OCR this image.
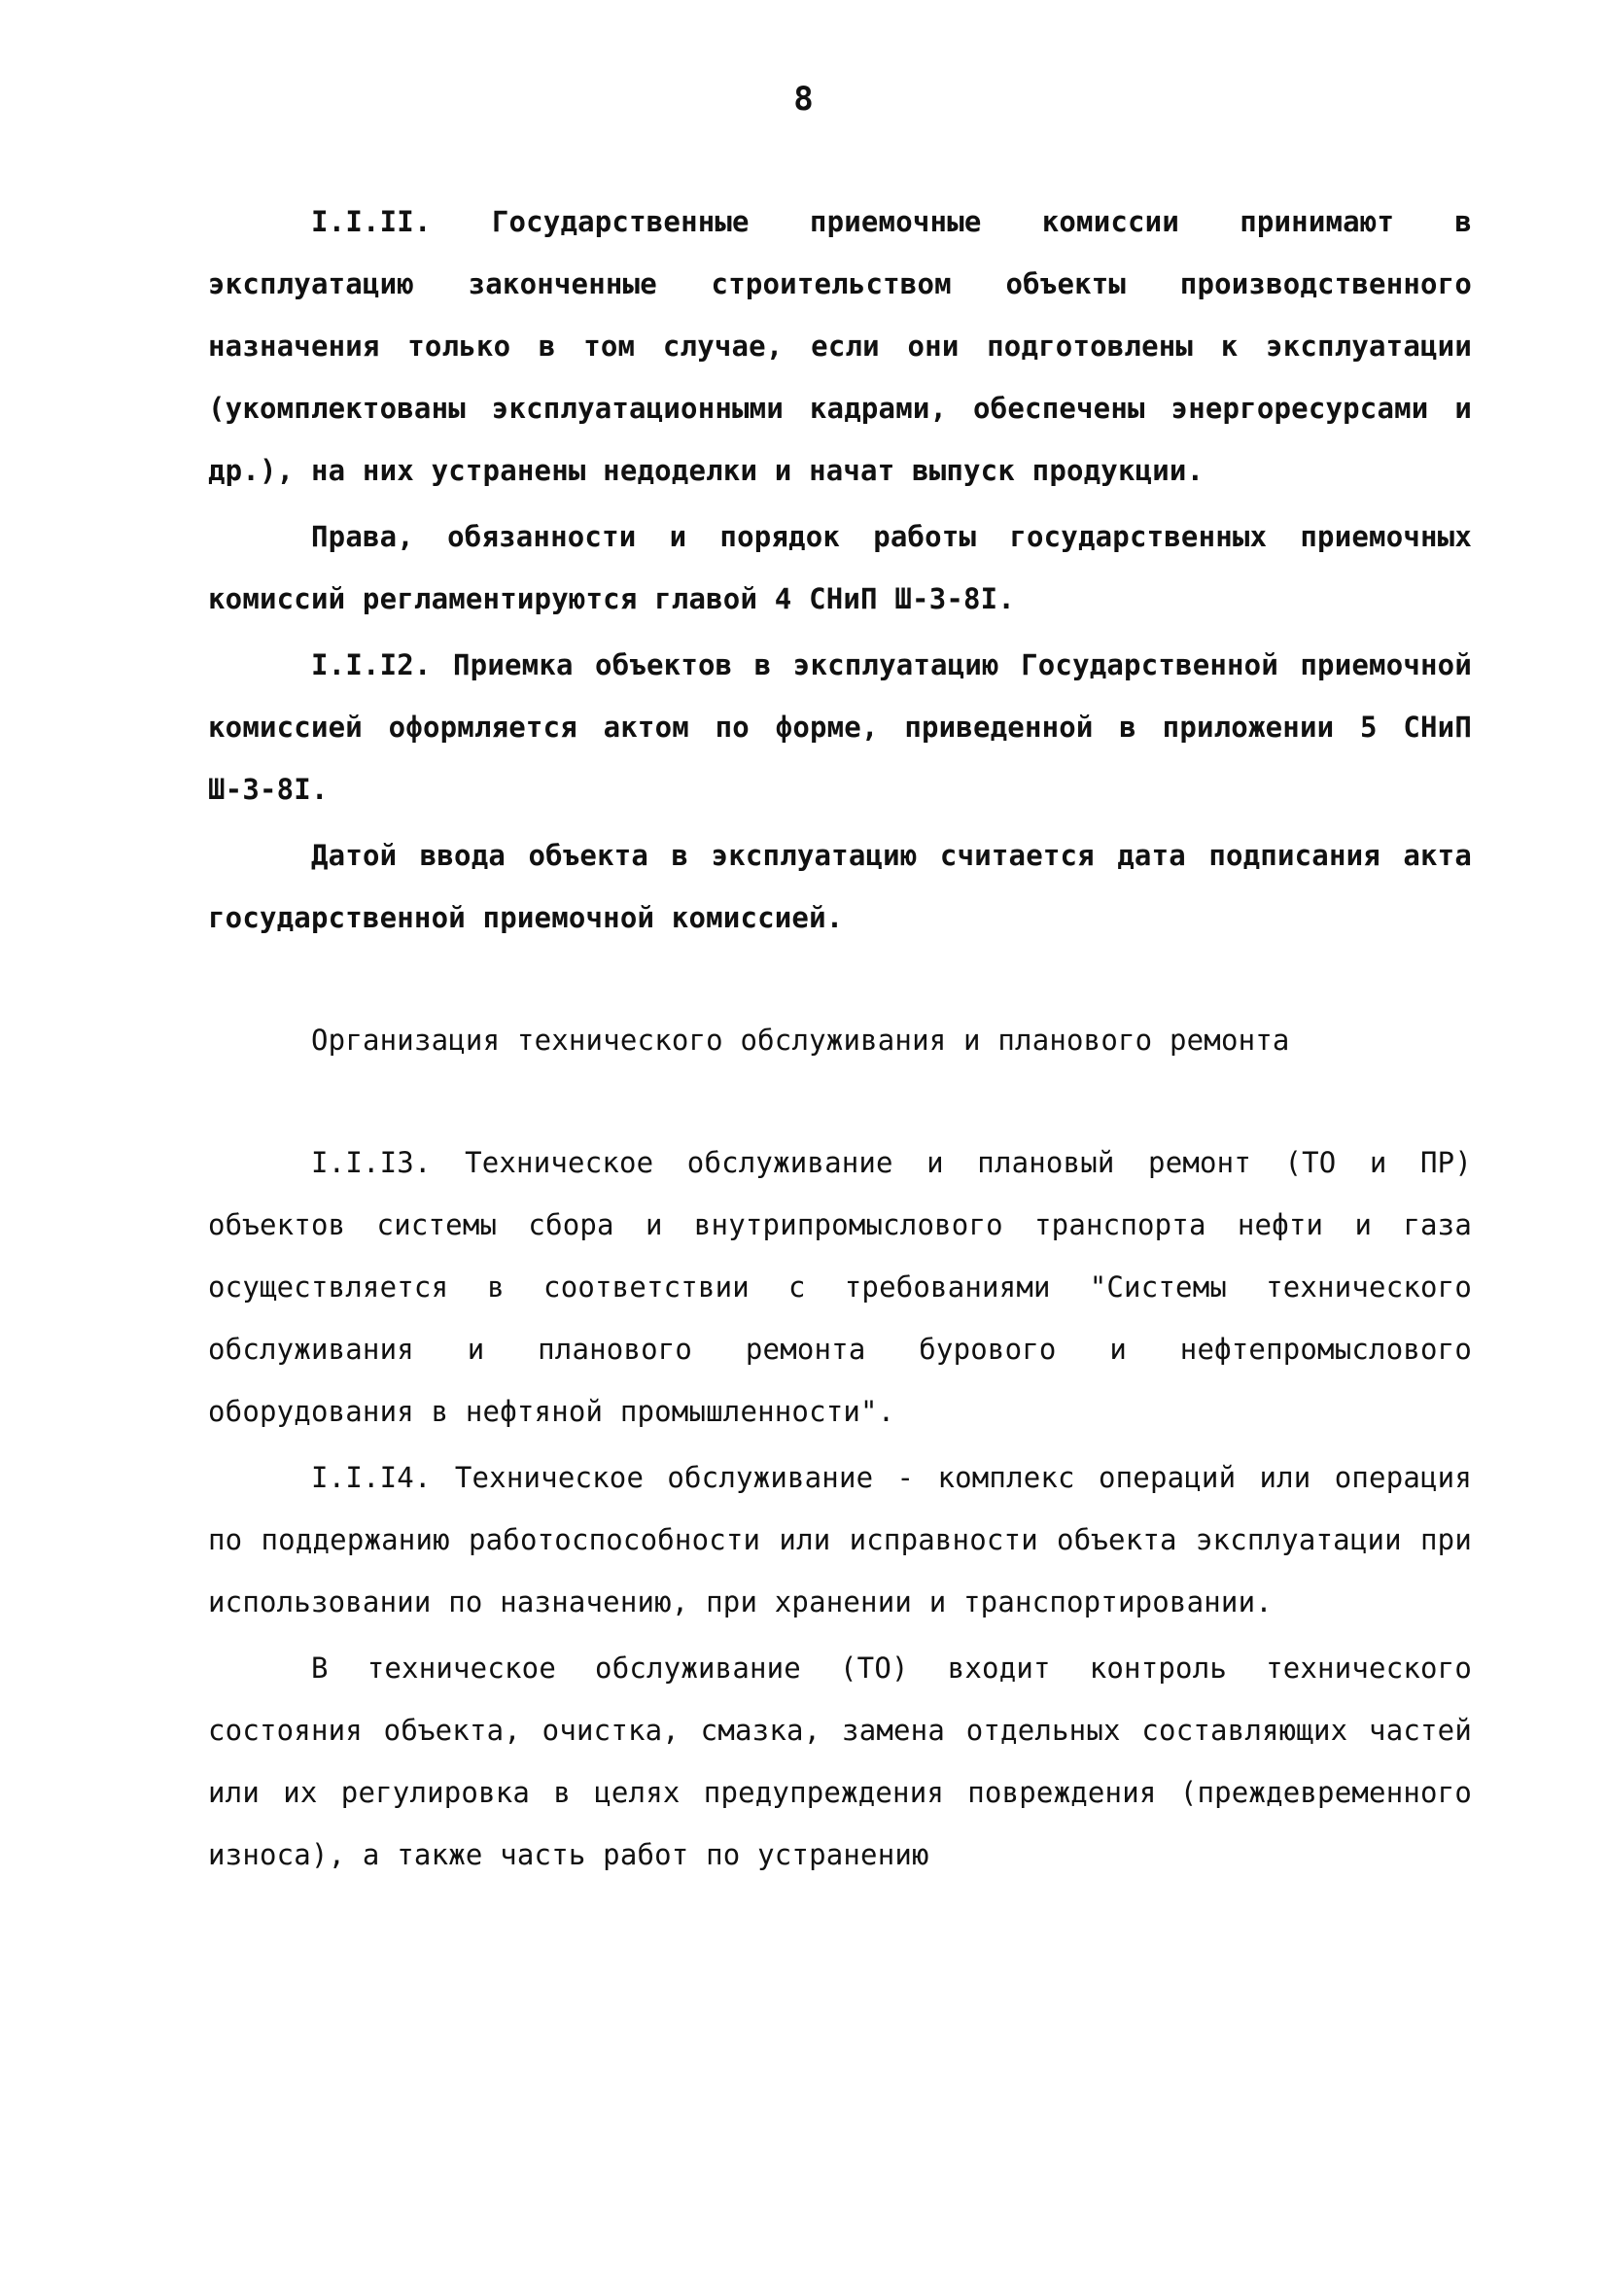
8

I.I.II. Государственные приемочные комиссии принимают в эксплуатацию законченные строительством объекты производственного назначения только в том случае, если они подготовлены к эксплуатации (укомплектованы эксплуатационными кадрами, обеспечены энергоресурсами и др.), на них устранены недоделки и начат выпуск продукции.

Права, обязанности и порядок работы государственных приемочных комиссий регламентируются главой 4 СНиП Ш-3-8I.

I.I.I2. Приемка объектов в эксплуатацию Государственной приемочной комиссией оформляется актом по форме, приведенной в приложении 5 СНиП Ш-3-8I.

Датой ввода объекта в эксплуатацию считается дата подписания акта государственной приемочной комиссией.

Организация технического обслуживания и планового ремонта

I.I.I3. Техническое обслуживание и плановый ремонт (ТО и ПР) объектов системы сбора и внутрипромыслового транспорта нефти и газа осуществляется в соответствии с требованиями "Системы технического обслуживания и планового ремонта бурового и нефтепромыслового оборудования в нефтяной промышленности".

I.I.I4. Техническое обслуживание - комплекс операций или операция по поддержанию работоспособности или исправности объекта эксплуатации при использовании по назначению, при хранении и транспортировании.

В техническое обслуживание (ТО) входит контроль технического состояния объекта, очистка, смазка, замена отдельных составляющих частей или их регулировка в целях предупреждения повреждения (преждевременного износа), а также часть работ по устранению
